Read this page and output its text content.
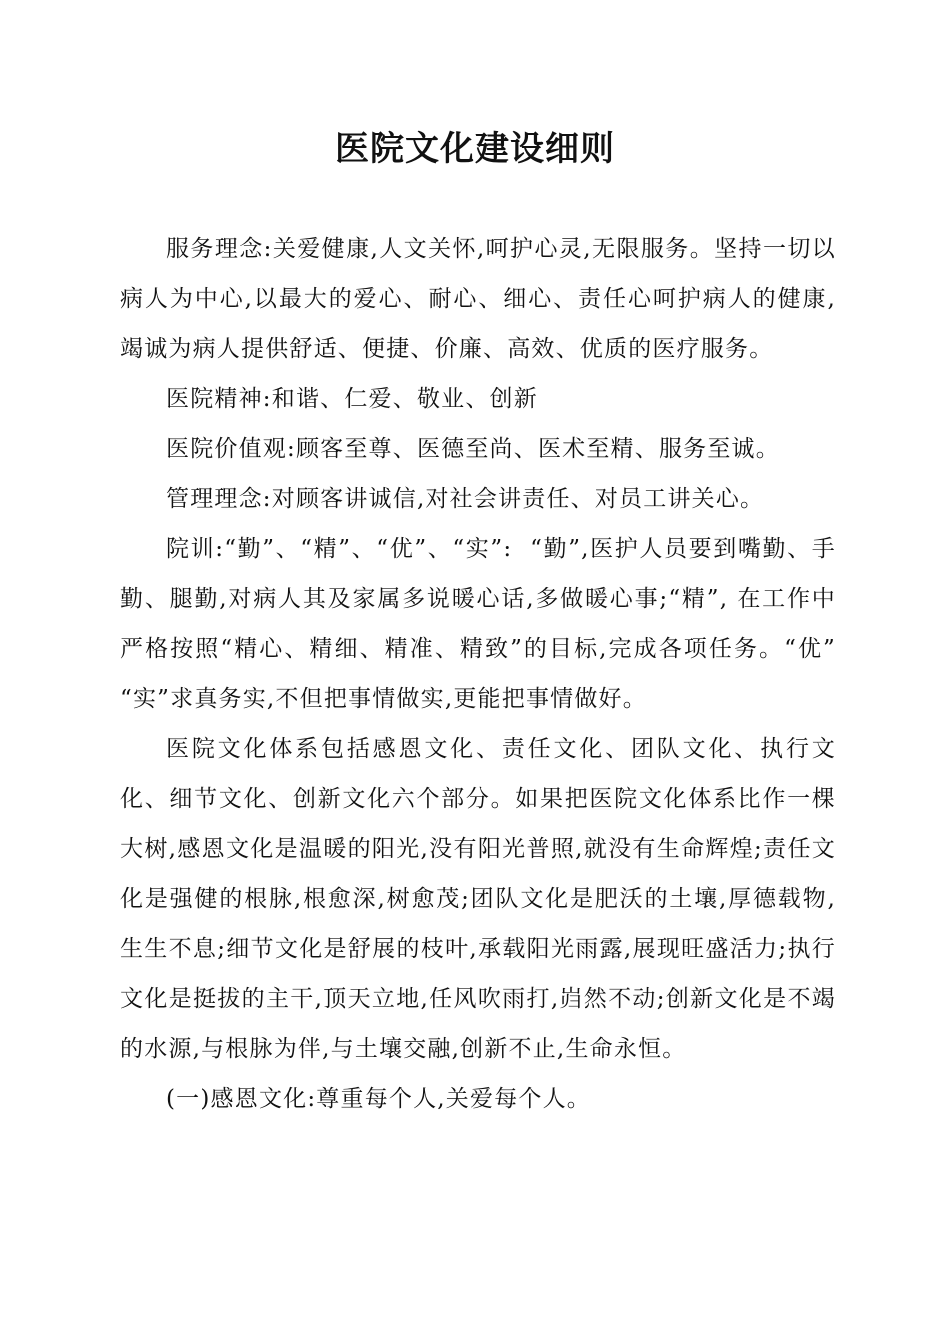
医院文化建设细则

服务理念:关爱健康,人文关怀,呵护心灵,无限服务。坚持一切以病人为中心,以最大的爱心、耐心、细心、责任心呵护病人的健康,竭诚为病人提供舒适、便捷、价廉、高效、优质的医疗服务。

医院精神:和谐、仁爱、敬业、创新

医院价值观:顾客至尊、医德至尚、医术至精、服务至诚。

管理理念:对顾客讲诚信,对社会讲责任、对员工讲关心。

院训:“勤”、“精”、“优”、“实”:  “勤”,医护人员要到嘴勤、手勤、腿勤,对病人其及家属多说暖心话,多做暖心事;“精”, 在工作中严格按照“精心、精细、精准、精致”的目标,完成各项任务。“优”          “实”求真务实,不但把事情做实,更能把事情做好。

医院文化体系包括感恩文化、责任文化、团队文化、执行文化、细节文化、创新文化六个部分。如果把医院文化体系比作一棵大树,感恩文化是温暖的阳光,没有阳光普照,就没有生命辉煌;责任文化是强健的根脉,根愈深,树愈茂;团队文化是肥沃的土壤,厚德载物,生生不息;细节文化是舒展的枝叶,承载阳光雨露,展现旺盛活力;执行文化是挺拔的主干,顶天立地,任风吹雨打,岿然不动;创新文化是不竭的水源,与根脉为伴,与土壤交融,创新不止,生命永恒。

(一)感恩文化:尊重每个人,关爱每个人。
